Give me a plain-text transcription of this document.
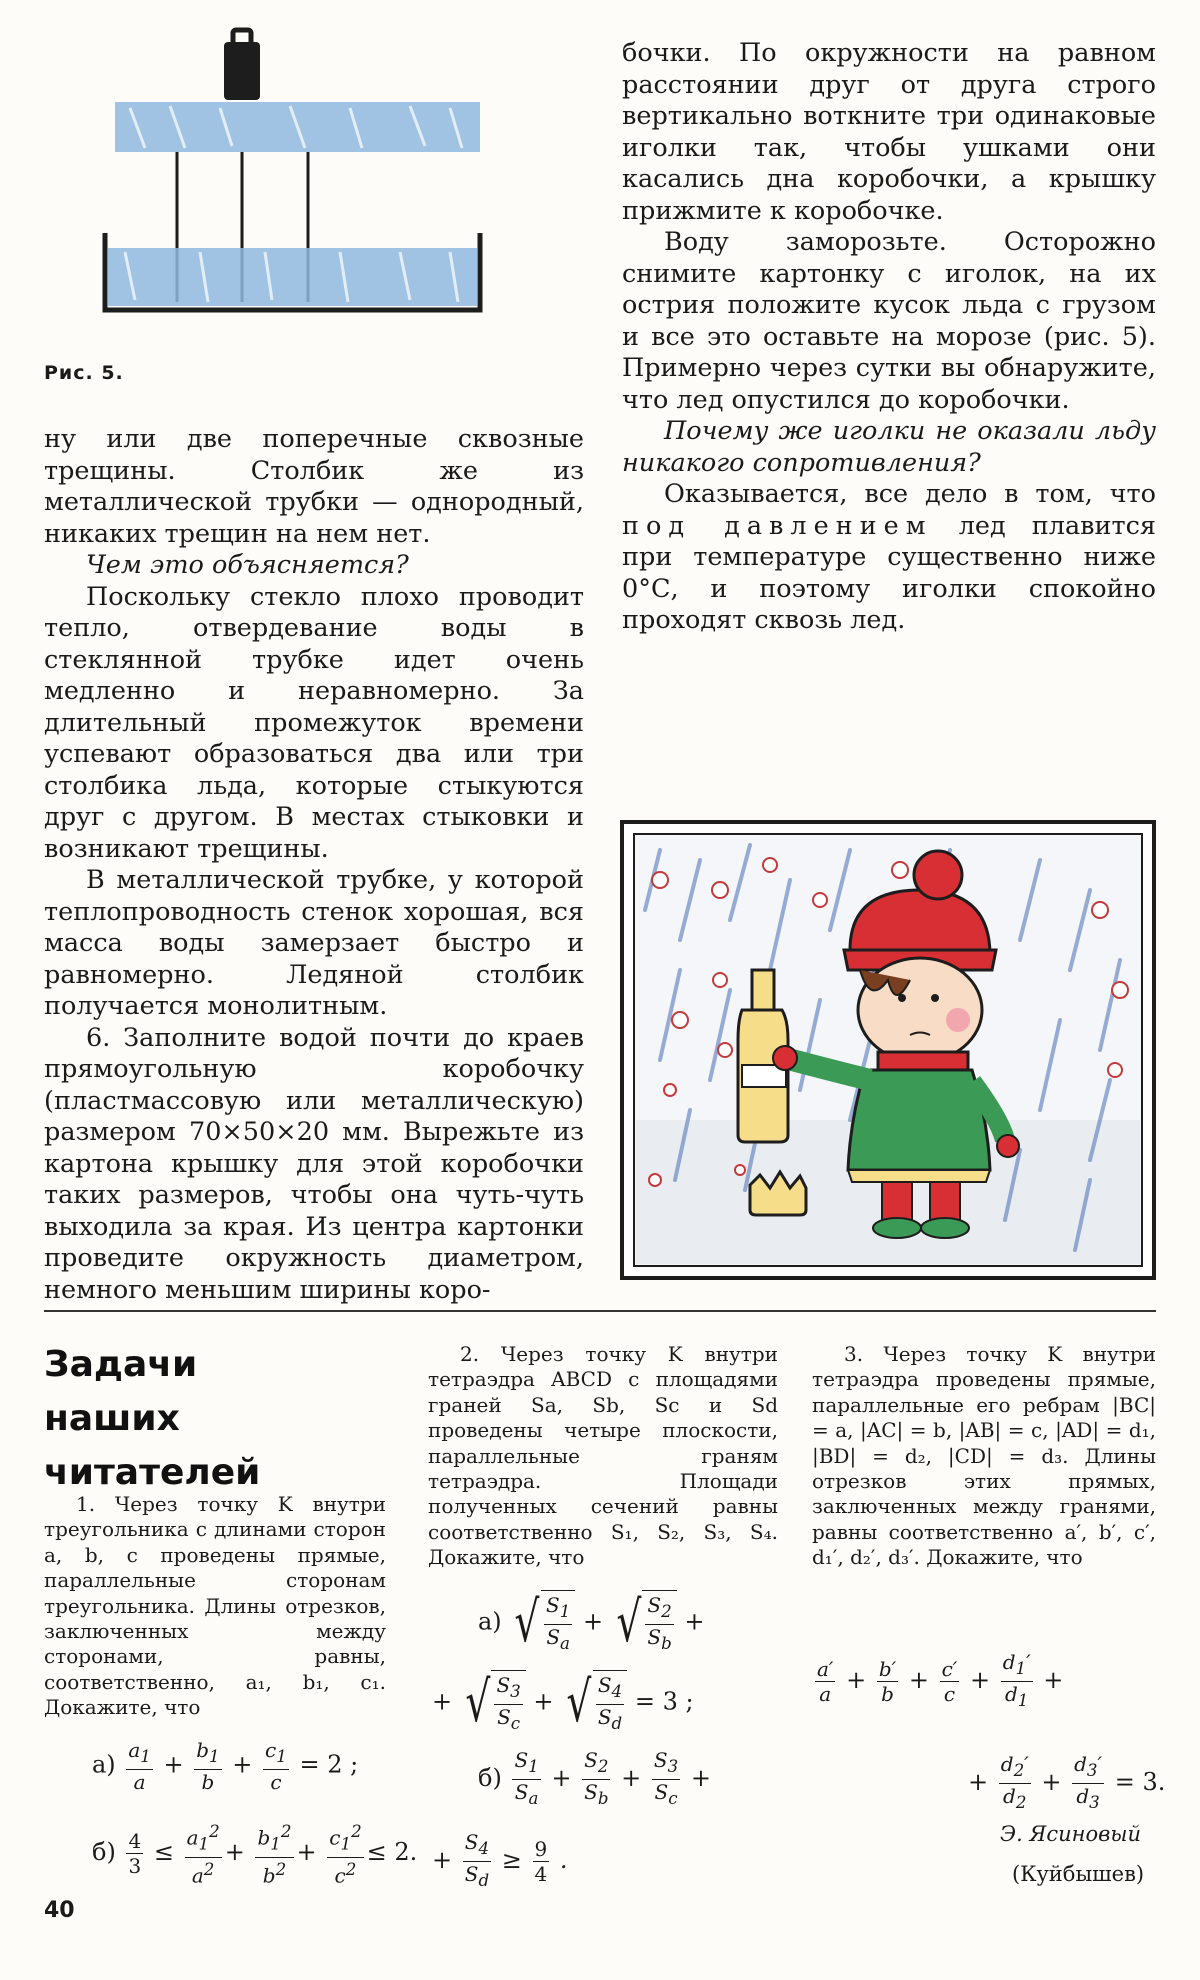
Рис. 5.

ну или две поперечные сквозные трещины. Столбик же из металлической трубки — однородный, никаких трещин на нем нет.

Чем это объясняется?

Поскольку стекло плохо проводит тепло, отвердевание воды в стеклянной трубке идет очень медленно и неравномерно. За длительный промежуток времени успевают образоваться два или три столбика льда, которые стыкуются друг с другом. В местах стыковки и возникают трещины.

В металлической трубке, у которой теплопроводность стенок хорошая, вся масса воды замерзает быстро и равномерно. Ледяной столбик получается монолитным.

6. Заполните водой почти до краев прямоугольную коробочку (пластмассовую или металлическую) размером 70×50×20 мм. Вырежьте из картона крышку для этой коробочки таких размеров, чтобы она чуть-чуть выходила за края. Из центра картонки проведите окружность диаметром, немного меньшим ширины коро-

бочки. По окружности на равном расстоянии друг от друга строго вертикально воткните три одинаковые иголки так, чтобы ушками они касались дна коробочки, а крышку прижмите к коробочке.

Воду заморозьте. Осторожно снимите картонку с иголок, на их острия положите кусок льда с грузом и все это оставьте на морозе (рис. 5). Примерно через сутки вы обнаружите, что лед опустился до коробочки.

Почему же иголки не оказали льду никакого сопротивления?

Оказывается, все дело в том, что под давлением лед плавится при температуре существенно ниже 0°С, и поэтому иголки спокойно проходят сквозь лед.

Задачи

наших читателей

1. Через точку K внутри треугольника с длинами сторон a, b, c проведены прямые, параллельные сторонам треугольника. Длины отрезков, заключенных между сторонами, равны, соответственно, a₁, b₁, c₁. Докажите, что

$а) \frac{a_1}{a} + \frac{b_1}{b} + \frac{c_1}{c} = 2$ ;
$б) \frac{4}{3} \le \frac{a_1^2}{a^2} + \frac{b_1^2}{b^2} + \frac{c_1^2}{c^2} \le 2$.

2. Через точку K внутри тетраэдра ABCD с площадями граней Sa, Sb, Sc и Sd проведены четыре плоскости, параллельные граням тетраэдра. Площади полученных сечений равны соответственно S₁, S₂, S₃, S₄. Докажите, что

а) √ $\frac{S_1}{S_a}$ + √ $\frac{S_2}{S_b}$ +
+ √ $\frac{S_3}{S_c}$ + √ $\frac{S_4}{S_d} = 3$ ;
$б) \frac{S_1}{S_a} + \frac{S_2}{S_b} + \frac{S_3}{S_c}$ +
+ $\frac{S_4}{S_d} \ge \frac{9}{4}$ .

3. Через точку K внутри тетраэдра проведены прямые, параллельные его ребрам |BC| = a, |AC| = b, |AB| = c, |AD| = d₁, |BD| = d₂, |CD| = d₃. Длины отрезков этих прямых, заключенных между гранями, равны соответственно a′, b′, c′, d₁′, d₂′, d₃′. Докажите, что

$\frac{a'}{a} + \frac{b'}{b} + \frac{c'}{c} + \frac{d_1'}{d_1}$ +
+ $\frac{d_2'}{d_2} + \frac{d_3'}{d_3} = 3$.
Э. Ясиновый
(Куйбышев)
40
